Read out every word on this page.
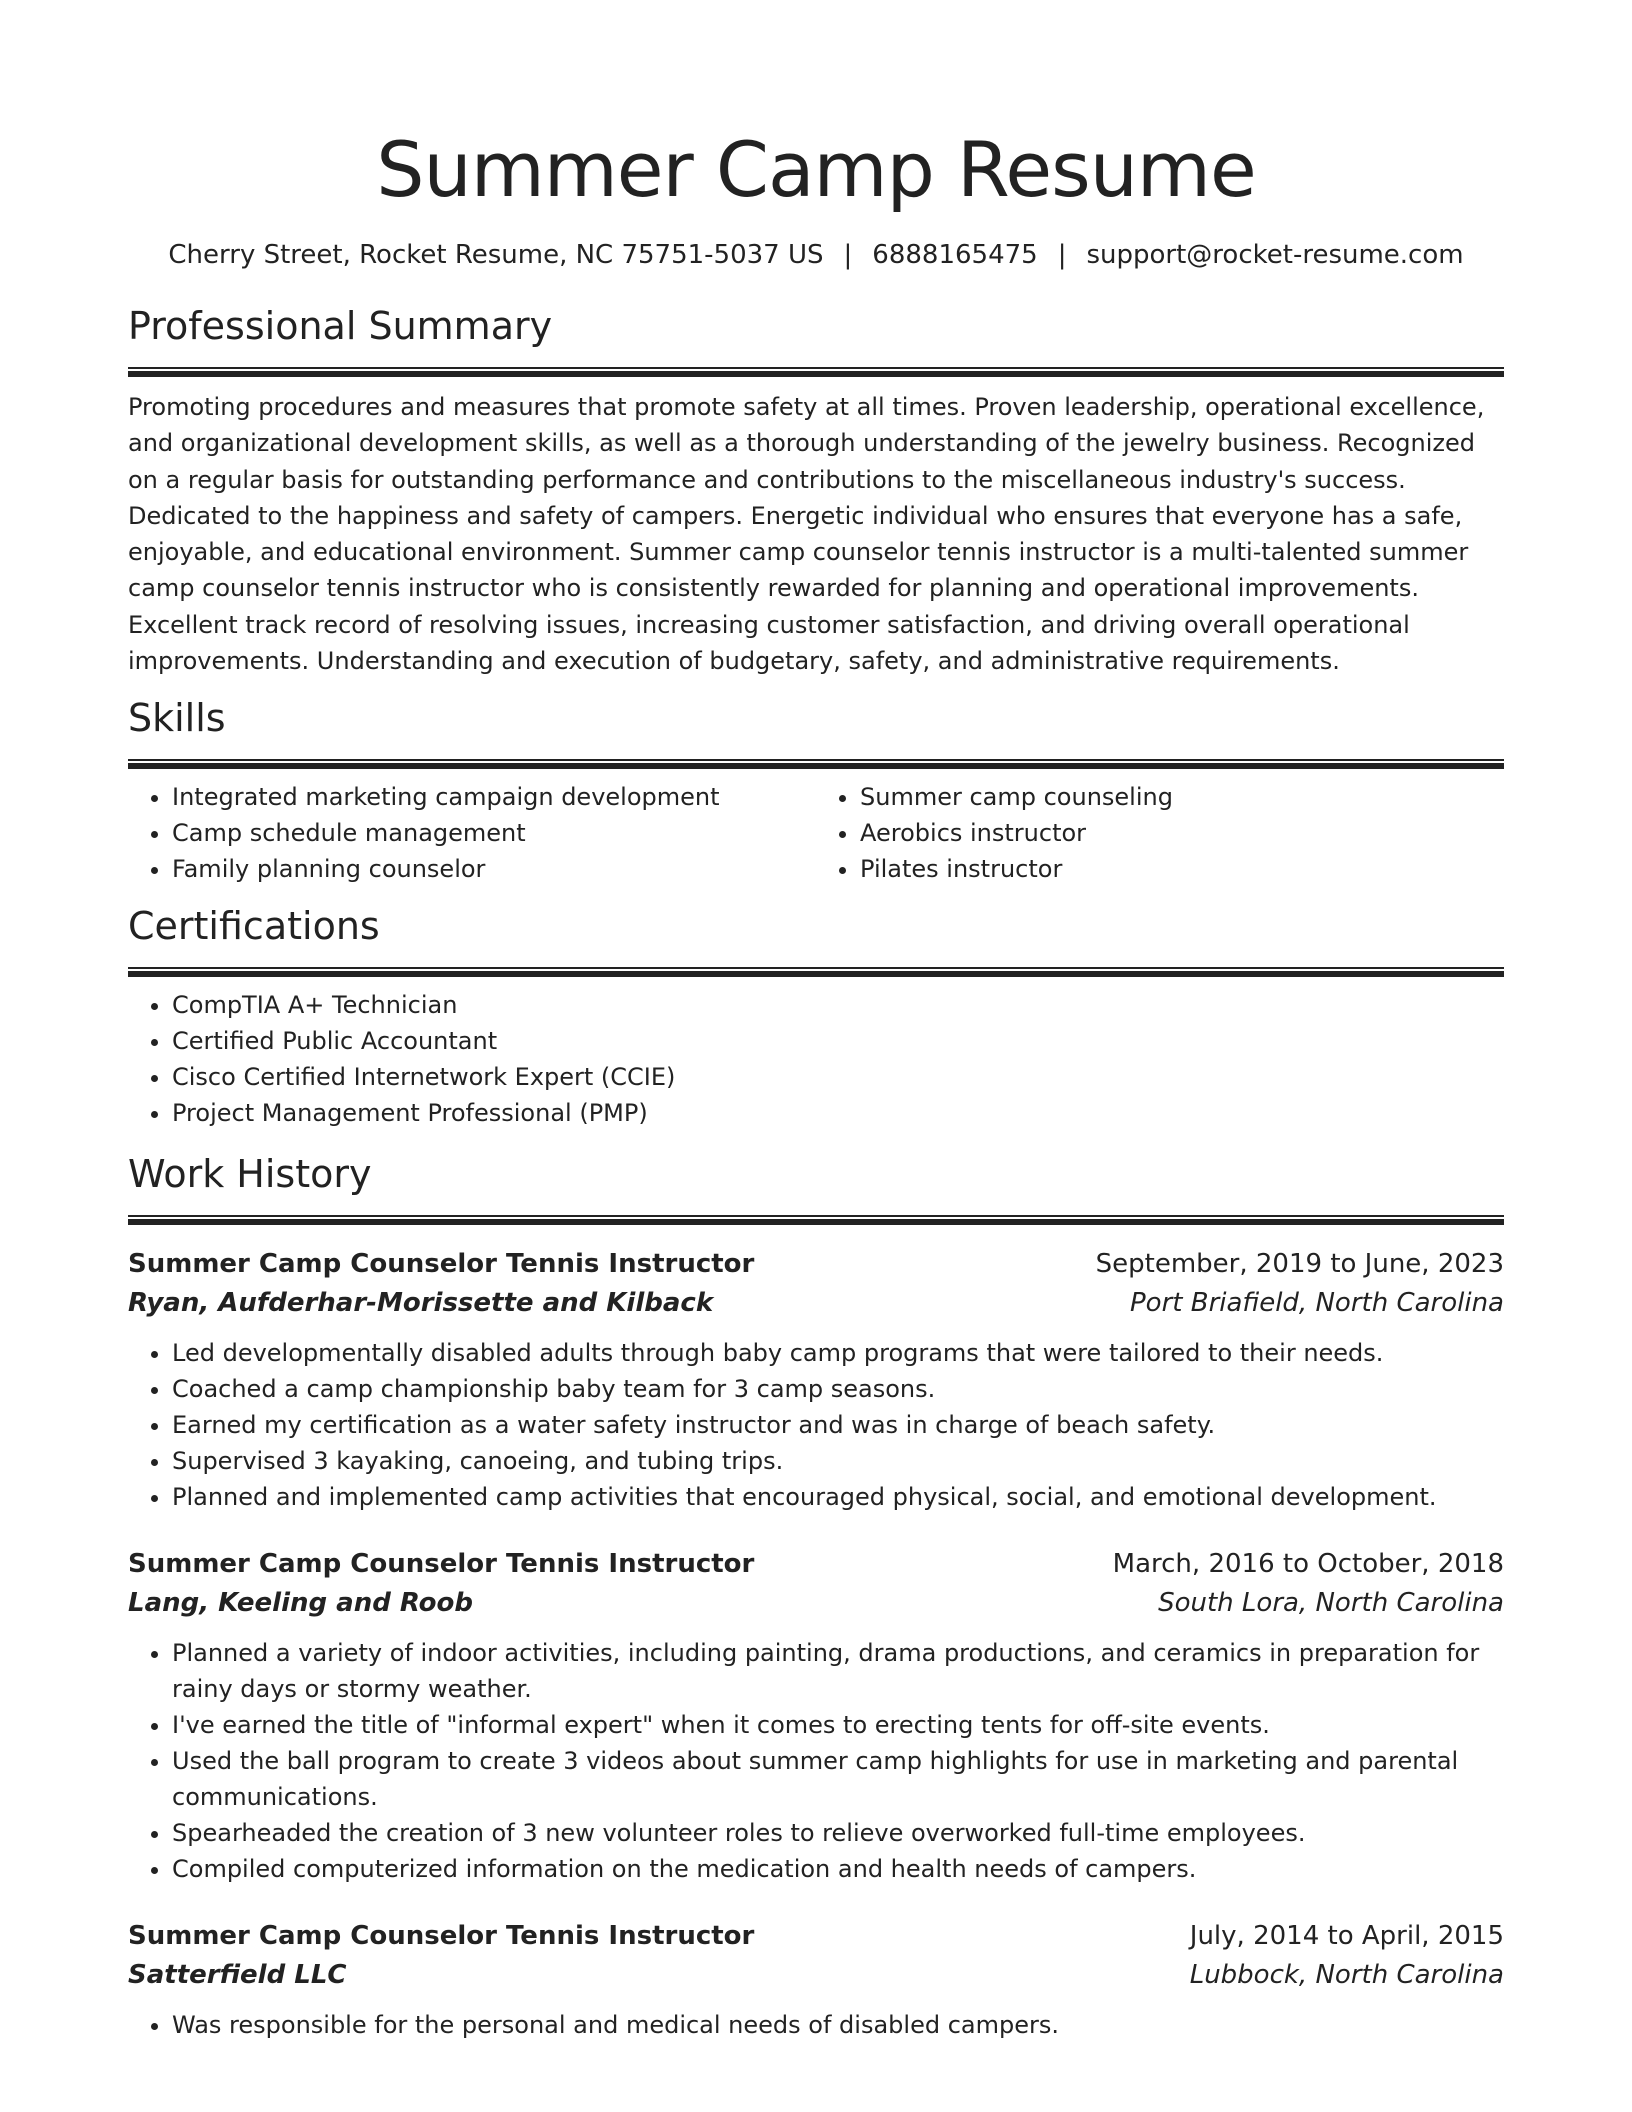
Summer Camp Resume
Cherry Street, Rocket Resume, NC 75751-5037 US | 6888165475 | support@rocket-resume.com
Professional Summary

Promoting procedures and measures that promote safety at all times. Proven leadership, operational excellence, and organizational development skills, as well as a thorough understanding of the jewelry business. Recognized on a regular basis for outstanding performance and contributions to the miscellaneous industry's success. Dedicated to the happiness and safety of campers. Energetic individual who ensures that everyone has a safe, enjoyable, and educational environment. Summer camp counselor tennis instructor is a multi-talented summer camp counselor tennis instructor who is consistently rewarded for planning and operational improvements. Excellent track record of resolving issues, increasing customer satisfaction, and driving overall operational improvements. Understanding and execution of budgetary, safety, and administrative requirements.

Skills
• Integrated marketing campaign development
• Camp schedule management
• Family planning counselor
• Summer camp counseling
• Aerobics instructor
• Pilates instructor
Certifications
• CompTIA A+ Technician
• Certified Public Accountant
• Cisco Certified Internetwork Expert (CCIE)
• Project Management Professional (PMP)
Work History
Summer Camp Counselor Tennis Instructor	September, 2019 to June, 2023
Ryan, Aufderhar-Morissette and Kilback	Port Briafield, North Carolina
• Led developmentally disabled adults through baby camp programs that were tailored to their needs.
• Coached a camp championship baby team for 3 camp seasons.
• Earned my certification as a water safety instructor and was in charge of beach safety.
• Supervised 3 kayaking, canoeing, and tubing trips.
• Planned and implemented camp activities that encouraged physical, social, and emotional development.
Summer Camp Counselor Tennis Instructor	March, 2016 to October, 2018
Lang, Keeling and Roob	South Lora, North Carolina
• Planned a variety of indoor activities, including painting, drama productions, and ceramics in preparation for rainy days or stormy weather.
• I've earned the title of "informal expert" when it comes to erecting tents for off-site events.
• Used the ball program to create 3 videos about summer camp highlights for use in marketing and parental communications.
• Spearheaded the creation of 3 new volunteer roles to relieve overworked full-time employees.
• Compiled computerized information on the medication and health needs of campers.
Summer Camp Counselor Tennis Instructor	July, 2014 to April, 2015
Satterfield LLC	Lubbock, North Carolina
• Was responsible for the personal and medical needs of disabled campers.
